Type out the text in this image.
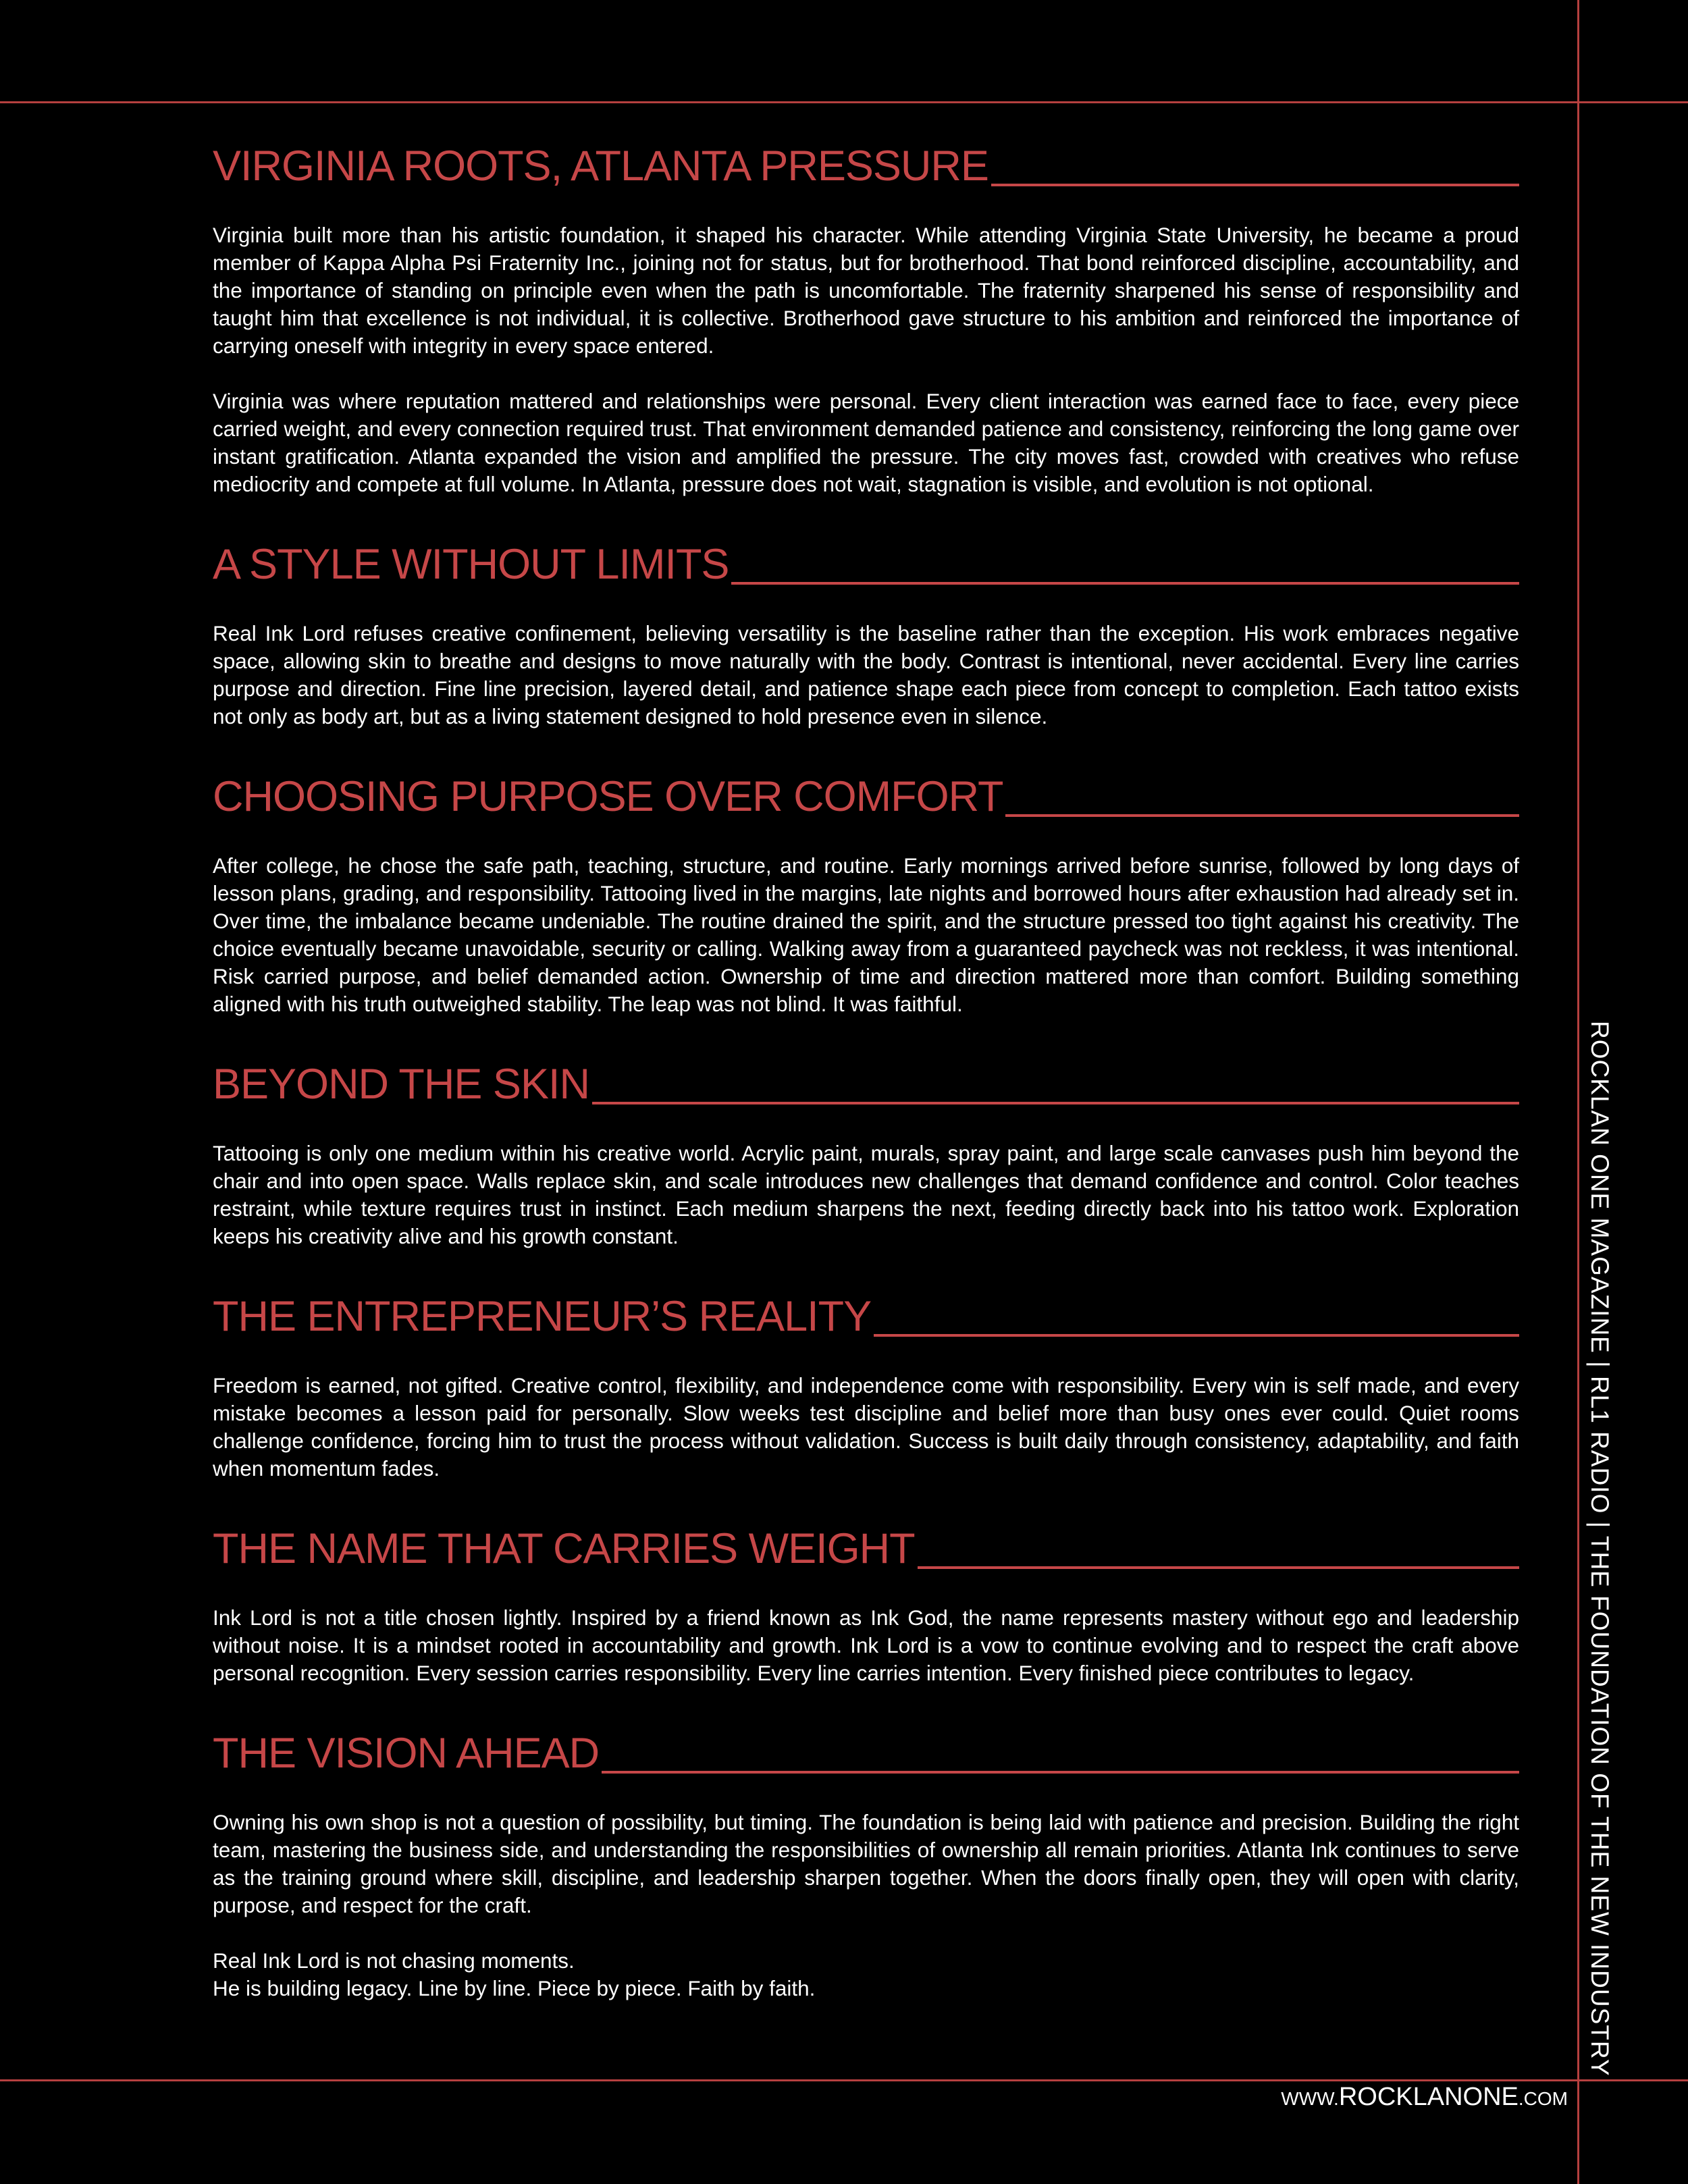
VIRGINIA ROOTS, ATLANTA PRESSURE

Virginia built more than his artistic foundation, it shaped his character. While attending Virginia State University, he became a proud member of Kappa Alpha Psi Fraternity Inc., joining not for status, but for brotherhood. That bond reinforced discipline, accountability, and the importance of standing on principle even when the path is uncomfortable. The fraternity sharpened his sense of responsibility and taught him that excellence is not individual, it is collective. Brotherhood gave structure to his ambition and reinforced the importance of carrying oneself with integrity in every space entered.

Virginia was where reputation mattered and relationships were personal. Every client interaction was earned face to face, every piece carried weight, and every connection required trust. That environment demanded patience and consistency, reinforcing the long game over instant gratification. Atlanta expanded the vision and amplified the pressure. The city moves fast, crowded with creatives who refuse mediocrity and compete at full volume. In Atlanta, pressure does not wait, stagnation is visible, and evolution is not optional.

A STYLE WITHOUT LIMITS

Real Ink Lord refuses creative confinement, believing versatility is the baseline rather than the exception. His work embraces negative space, allowing skin to breathe and designs to move naturally with the body. Contrast is intentional, never accidental. Every line carries purpose and direction. Fine line precision, layered detail, and patience shape each piece from concept to completion. Each tattoo exists not only as body art, but as a living statement designed to hold presence even in silence.

CHOOSING PURPOSE OVER COMFORT

After college, he chose the safe path, teaching, structure, and routine. Early mornings arrived before sunrise, followed by long days of lesson plans, grading, and responsibility. Tattooing lived in the margins, late nights and borrowed hours after exhaustion had already set in. Over time, the imbalance became undeniable. The routine drained the spirit, and the structure pressed too tight against his creativity. The choice eventually became unavoidable, security or calling. Walking away from a guaranteed paycheck was not reckless, it was intentional. Risk carried purpose, and belief demanded action. Ownership of time and direction mattered more than comfort. Building something aligned with his truth outweighed stability. The leap was not blind. It was faithful.

BEYOND THE SKIN

Tattooing is only one medium within his creative world. Acrylic paint, murals, spray paint, and large scale canvases push him beyond the chair and into open space. Walls replace skin, and scale introduces new challenges that demand confidence and control. Color teaches restraint, while texture requires trust in instinct. Each medium sharpens the next, feeding directly back into his tattoo work. Exploration keeps his creativity alive and his growth constant.

THE ENTREPRENEUR’S REALITY

Freedom is earned, not gifted. Creative control, flexibility, and independence come with responsibility. Every win is self made, and every mistake becomes a lesson paid for personally. Slow weeks test discipline and belief more than busy ones ever could. Quiet rooms challenge confidence, forcing him to trust the process without validation. Success is built daily through consistency, adaptability, and faith when momentum fades.

THE NAME THAT CARRIES WEIGHT

Ink Lord is not a title chosen lightly. Inspired by a friend known as Ink God, the name represents mastery without ego and leadership without noise. It is a mindset rooted in accountability and growth. Ink Lord is a vow to continue evolving and to respect the craft above personal recognition. Every session carries responsibility. Every line carries intention. Every finished piece contributes to legacy.

THE VISION AHEAD

Owning his own shop is not a question of possibility, but timing. The foundation is being laid with patience and precision. Building the right team, mastering the business side, and understanding the responsibilities of ownership all remain priorities. Atlanta Ink continues to serve as the training ground where skill, discipline, and leadership sharpen together. When the doors finally open, they will open with clarity, purpose, and respect for the craft.

Real Ink Lord is not chasing moments.
He is building legacy. Line by line. Piece by piece. Faith by faith.	ROCKLAN ONE MAGAZINE | RL1 RADIO | THE FOUNDATION OF THE NEW INDUSTRY
WWW.ROCKLANONE.COM
